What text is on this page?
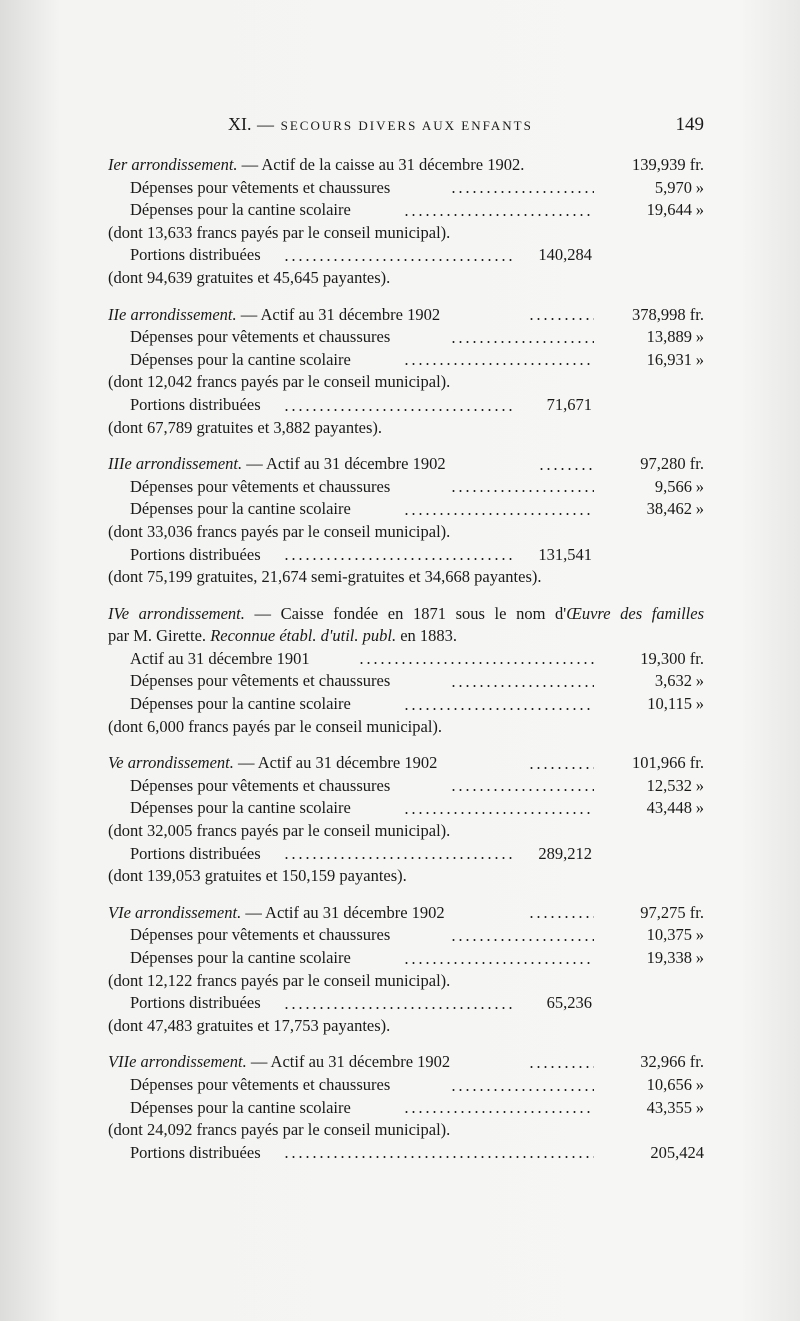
XI. — SECOURS DIVERS AUX ENFANTS	149
Ier arrondissement. — Actif de la caisse au 31 décembre 1902.	139,939 fr.
Dépenses pour vêtements et chaussures	5,970 »
Dépenses pour la cantine scolaire	19,644 »
(dont 13,633 francs payés par le conseil municipal).
Portions distribuées	140,284
(dont 94,639 gratuites et 45,645 payantes).
IIe arrondissement. — Actif au 31 décembre 1902	378,998 fr.
Dépenses pour vêtements et chaussures	13,889 »
Dépenses pour la cantine scolaire	16,931 »
(dont 12,042 francs payés par le conseil municipal).
Portions distribuées	71,671
(dont 67,789 gratuites et 3,882 payantes).
IIIe arrondissement. — Actif au 31 décembre 1902	97,280 fr.
Dépenses pour vêtements et chaussures	9,566 »
Dépenses pour la cantine scolaire	38,462 »
(dont 33,036 francs payés par le conseil municipal).
Portions distribuées	131,541
(dont 75,199 gratuites, 21,674 semi-gratuites et 34,668 payantes).
IVe arrondissement. — Caisse fondée en 1871 sous le nom d'Œuvre des familles
par M. Girette. Reconnue établ. d'util. publ. en 1883.
Actif au 31 décembre 1901	19,300 fr.
Dépenses pour vêtements et chaussures	3,632 »
Dépenses pour la cantine scolaire	10,115 »
(dont 6,000 francs payés par le conseil municipal).
Ve arrondissement. — Actif au 31 décembre 1902	101,966 fr.
Dépenses pour vêtements et chaussures	12,532 »
Dépenses pour la cantine scolaire	43,448 »
(dont 32,005 francs payés par le conseil municipal).
Portions distribuées	289,212
(dont 139,053 gratuites et 150,159 payantes).
VIe arrondissement. — Actif au 31 décembre 1902	97,275 fr.
Dépenses pour vêtements et chaussures	10,375 »
Dépenses pour la cantine scolaire	19,338 »
(dont 12,122 francs payés par le conseil municipal).
Portions distribuées	65,236
(dont 47,483 gratuites et 17,753 payantes).
VIIe arrondissement. — Actif au 31 décembre 1902	32,966 fr.
Dépenses pour vêtements et chaussures	10,656 »
Dépenses pour la cantine scolaire	43,355 »
(dont 24,092 francs payés par le conseil municipal).
Portions distribuées	205,424
